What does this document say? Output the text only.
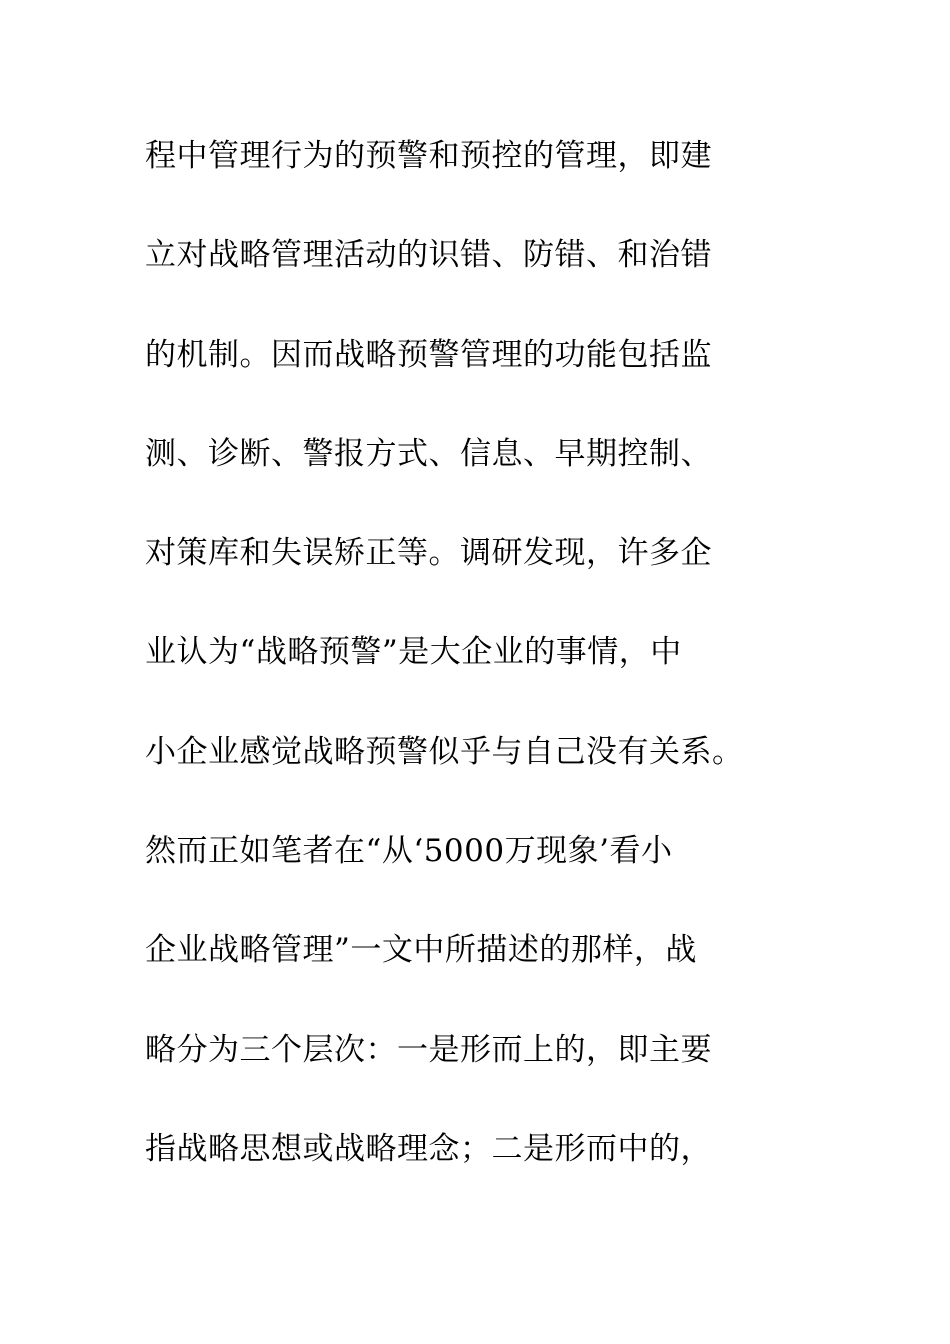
程中管理行为的预警和预控的管理，即建
立对战略管理活动的识错、防错、和治错
的机制。因而战略预警管理的功能包括监
测、诊断、警报方式、信息、早期控制、
对策库和失误矫正等。调研发现，许多企
业认为“战略预警”是大企业的事情，中
小企业感觉战略预警似乎与自己没有关系。
然而正如笔者在“从‘5000万现象’看小
企业战略管理”一文中所描述的那样，战
略分为三个层次：一是形而上的，即主要
指战略思想或战略理念；二是形而中的，
